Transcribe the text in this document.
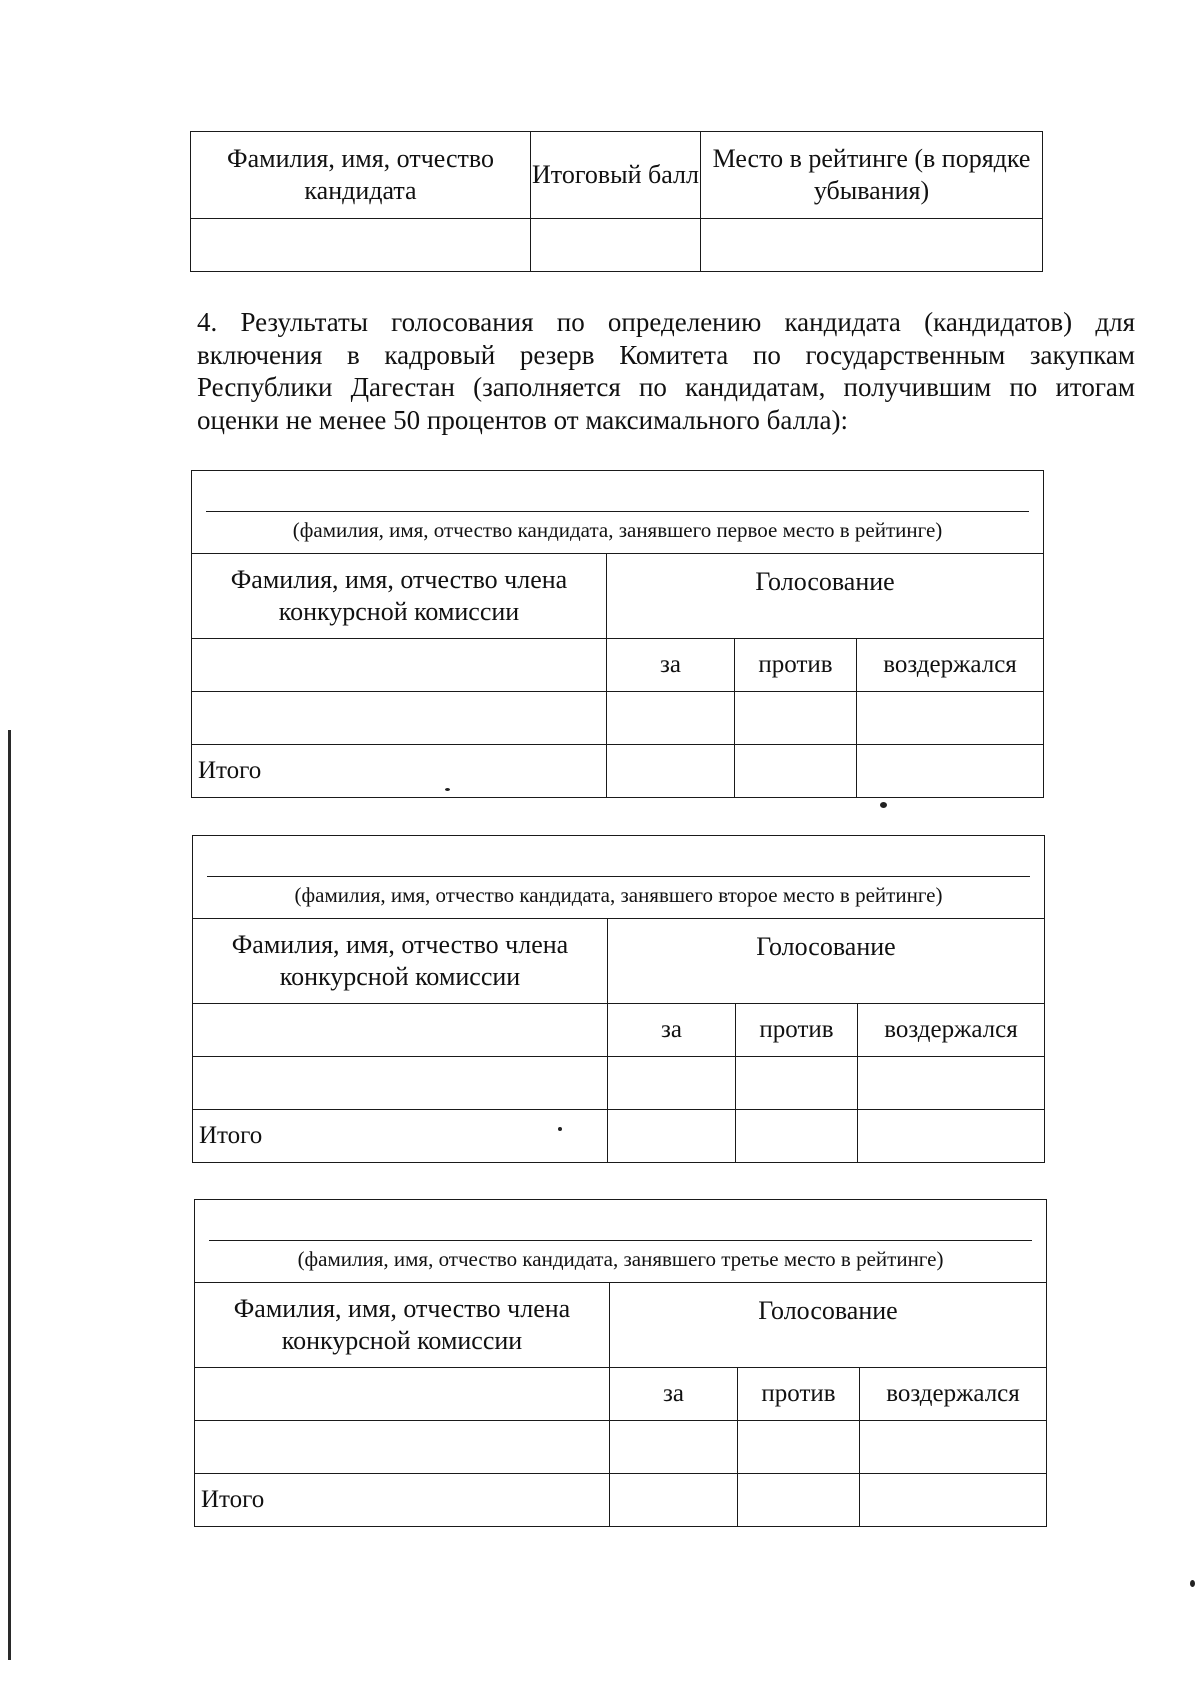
Фамилия, имя, отчество кандидата	Итоговый балл	Место в рейтинге (в порядке убывания)

4. Результаты голосования по определению кандидата (кандидатов) для включения в кадровый резерв Комитета по государственным закупкам Республики Дагестан (заполняется по кандидатам, получившим по итогам оценки не менее 50 процентов от максимального балла):
(фамилия, имя, отчество кандидата, занявшего первое место в рейтинге)			

Фамилия, имя, отчество члена конкурсной комиссии	Голосование		
	за	против	воздержался

Итого			
(фамилия, имя, отчество кандидата, занявшего второе место в рейтинге)			

Фамилия, имя, отчество члена конкурсной комиссии	Голосование		
	за	против	воздержался

Итого			
(фамилия, имя, отчество кандидата, занявшего третье место в рейтинге)			

Фамилия, имя, отчество члена конкурсной комиссии	Голосование		
	за	против	воздержался

Итого			
